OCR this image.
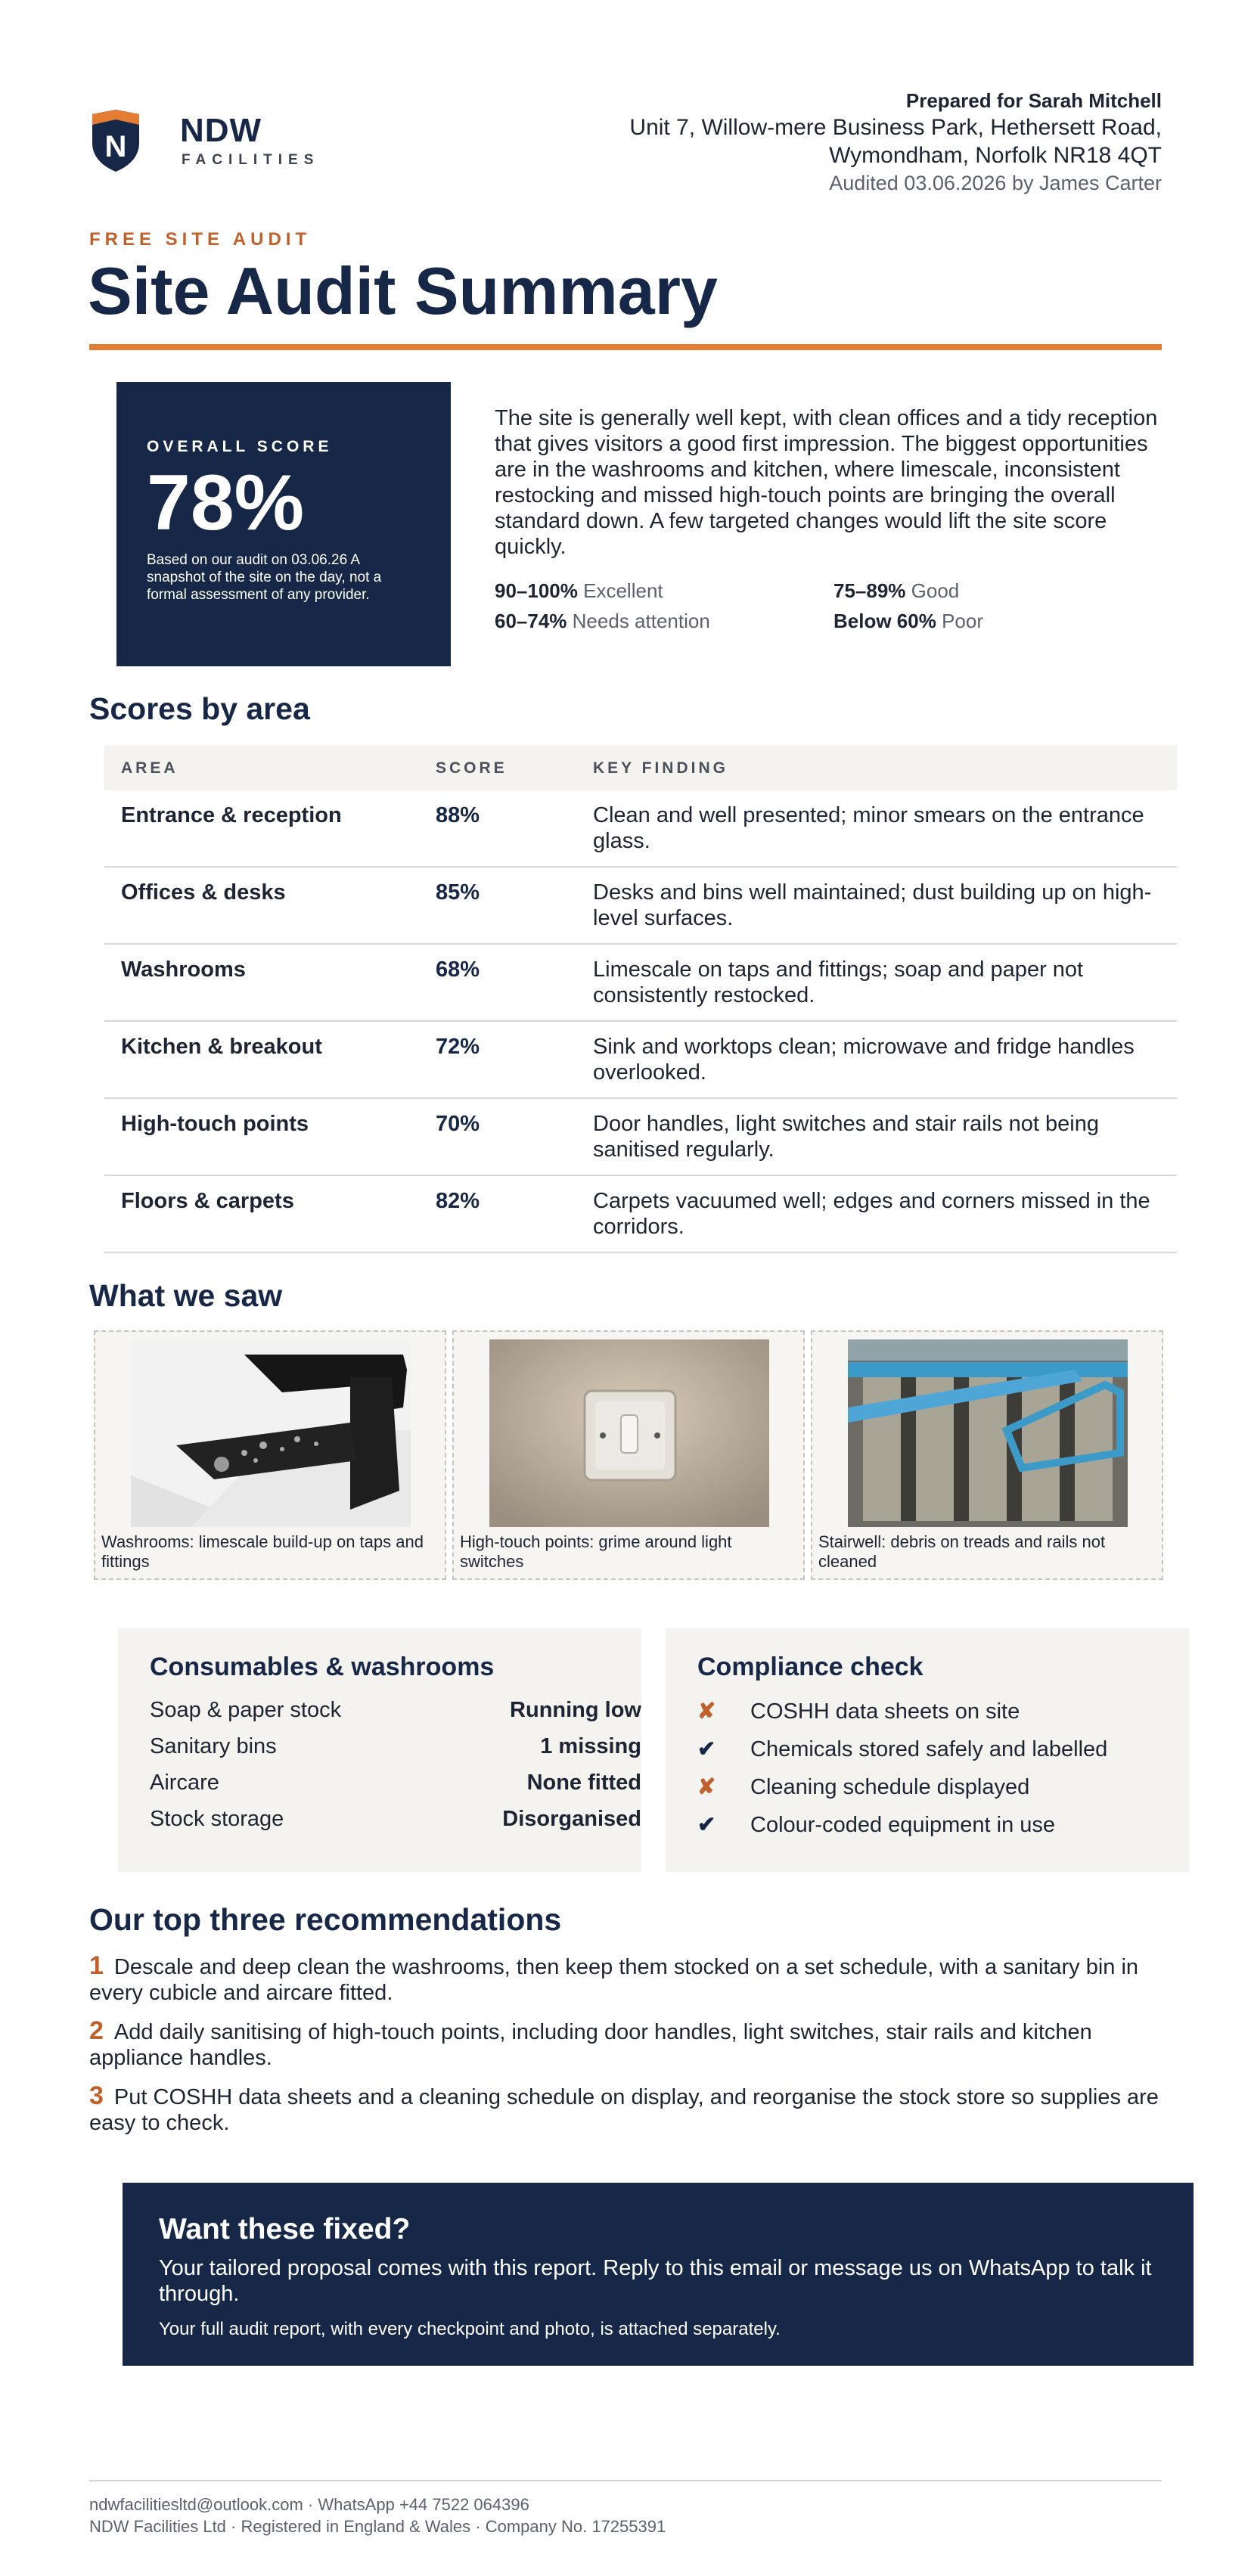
N NDW
FACILITIES
Prepared for Sarah Mitchell
Unit 7, Willow-mere Business Park, Hethersett Road,
Wymondham, Norfolk NR18 4QT
Audited 03.06.2026 by James Carter
FREE SITE AUDIT
Site Audit Summary
OVERALL SCORE
78%
Based on our audit on 03.06.26 A snapshot of the site on the day, not a formal assessment of any provider.
The site is generally well kept, with clean offices and a tidy reception that gives visitors a good first impression. The biggest opportunities are in the washrooms and kitchen, where limescale, inconsistent restocking and missed high-touch points are bringing the overall standard down. A few targeted changes would lift the site score quickly.
90–100% Excellent	75–89% Good
60–74% Needs attention	Below 60% Poor
Scores by area
AREA	SCORE	KEY FINDING
Entrance & reception	88%	Clean and well presented; minor smears on the entrance glass.
Offices & desks	85%	Desks and bins well maintained; dust building up on high-level surfaces.
Washrooms	68%	Limescale on taps and fittings; soap and paper not consistently restocked.
Kitchen & breakout	72%	Sink and worktops clean; microwave and fridge handles overlooked.
High-touch points	70%	Door handles, light switches and stair rails not being sanitised regularly.
Floors & carpets	82%	Carpets vacuumed well; edges and corners missed in the corridors.
What we saw
Washrooms: limescale build-up on taps and fittings
High-touch points: grime around light switches
Stairwell: debris on treads and rails not cleaned
Consumables & washrooms
Soap & paper stock	Running low
Sanitary bins	1 missing
Aircare	None fitted
Stock storage	Disorganised
Compliance check
✘ COSHH data sheets on site
✔ Chemicals stored safely and labelled
✘ Cleaning schedule displayed
✔ Colour-coded equipment in use
Our top three recommendations
1 Descale and deep clean the washrooms, then keep them stocked on a set schedule, with a sanitary bin in every cubicle and aircare fitted.
2 Add daily sanitising of high-touch points, including door handles, light switches, stair rails and kitchen appliance handles.
3 Put COSHH data sheets and a cleaning schedule on display, and reorganise the stock store so supplies are easy to check.
Want these fixed?
Your tailored proposal comes with this report. Reply to this email or message us on WhatsApp to talk it through.
Your full audit report, with every checkpoint and photo, is attached separately.
ndwfacilitiesltd@outlook.com · WhatsApp +44 7522 064396
NDW Facilities Ltd · Registered in England & Wales · Company No. 17255391
